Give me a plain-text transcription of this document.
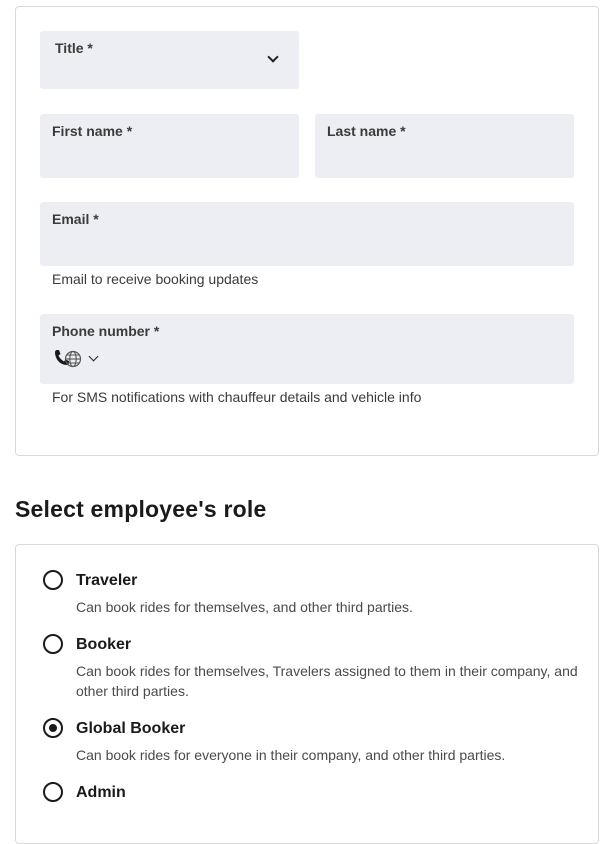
Title *
First name *	Last name *
Email *
Email to receive booking updates
Phone number *
For SMS notifications with chauffeur details and vehicle info
Select employee's role
Traveler
Can book rides for themselves, and other third parties.
Booker
Can book rides for themselves, Travelers assigned to them in their company, and other third parties.
Global Booker
Can book rides for everyone in their company, and other third parties.
Admin
